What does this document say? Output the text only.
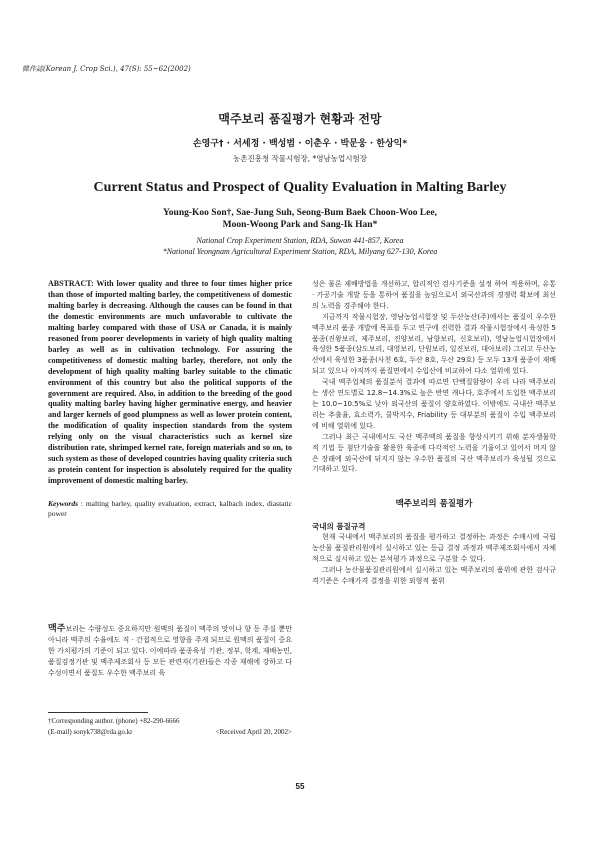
韓作誌(Korean J. Crop Sci.), 47(S): 55~62(2002)
맥주보리 품질평가 현황과 전망
손영구† · 서세정 · 백성범 · 이춘우 · 박문웅 · 한상익*
농촌진흥청 작물시험장, *영남농업시험장
Current Status and Prospect of Quality Evaluation in Malting Barley
Young-Koo Son†, Sae-Jung Suh, Seong-Bum Baek Choon-Woo Lee,
Moon-Woong Park and Sang-Ik Han*
National Crop Experiment Station, RDA, Suwon 441-857, Korea
*National Yeongnam Agricultural Experiment Station, RDA, Milyang 627-130, Korea

ABSTRACT: With lower quality and three to four times higher price than those of imported malting barley, the competitiveness of domestic malting barley is decreasing. Although the causes can be found in that the domestic environments are much unfavorable to cultivate the malting barley compared with those of USA or Canada, it is mainly reasoned from poorer developments in variety of high quality malting barley as well as in cultivation technology. For assuring the competitiveness of domestic malting barley, therefore, not only the development of high quality malting barley suitable to the climatic environment of this country but also the political supports of the government are required. Also, in addition to the breeding of the good quality malting barley having higher germinative energy, and heavier and larger kernels of good plumpness as well as lower protein content, the modification of quality inspection standards from the system relying only on the visual characteristics such as kernel size distribution rate, shrimped kernel rate, foreign materials and so on, to such system as those of developed countries having quality criteria such as protein content for inspection is absolutely required for the quality improvement of domestic malting barley.

Keywords : malting barley, quality evaluation, extract, kalbach index, diastatic power

맥주보리는 수량성도 중요하지만 원맥의 품질이 맥주의 맛이나 향 등 주실 뿐만 아니라 맥주의 수율에도 직 · 간접적으로 영향을 주게 되므로 원맥의 품질이 중요한 가치평가의 기준이 되고 있다. 이에따라 품종육성 기관, 정부, 학계, 재배농민, 품질검정기관 및 맥주제조회사 등 모든 관련자(기관)들은 각종 재해에 강하고 다수성이면서 품질도 우수한 맥주보리 육

†Corresponding author. (phone) +82-290-6666
(E-mail) sonyk738@rda.go.kr	<Received April 20, 2002>

성은 물론 제배방법을 개선하고, 합리적인 검사기준을 설정 하여 적용하며, 유통 · 가공기술 개발 등을 통하여 품질을 높임으로서 외국산과의 경쟁력 확보에 최선의 노력을 경주해야 한다.

지금까지 작물시험장, 영남농업시험장 및 두산농산(주)에서는 품질이 우수한 맥주보리 품종 개발에 목표를 두고 연구에 진력한 결과 작물시험장에서 육성한 5품종(진왕보리, 제주보리, 진양보리, 남향보리, 신호보리), 영남농업시험장에서 육성한 5품종(삼도보리, 대영보리, 단원보리, 일진보리, 대아보리) 그리고 두산농산에서 육성한 3품종(사천 6호, 두산 8호, 두산 29호) 등 모두 13개 품종이 재배되고 있으나 아직까지 품질면에서 수입산에 비교하여 다소 열위에 있다.

국내 맥주업체의 품질분석 결과에 따르면 단백질함량이 우리 나라 맥주보리는 생산 연도별로 12.8~14.3%로 높은 반면 캐나다, 호주에서 도입한 맥주보리는 10.0~10.5%로 낮아 외국산의 품질이 양호하였다. 이밖에도 국내산 맥주보리는 추출율, 효소력가, 쿨박지수, Friability 등 대부분의 품질이 수입 맥주보리에 비해 열위에 있다.

그러나 최근 국내에서도 국산 맥주맥의 품질을 향상시키기 위해 분자생물학적 기법 등 첨단기술을 활용한 육종에 다각적인 노력을 기울이고 있어서 머지 않은 장래에 외국산에 뒤지지 않는 우수한 품질의 국산 맥주보리가 육성될 것으로 기대하고 있다.

맥주보리의 품질평가

국내의 품질규격

현재 국내에서 맥주보리의 품질을 평가하고 결정하는 과정은 수매시에 국립농산물 품질관리원에서 실시하고 있는 등급 결정 과정과 맥주제조회사에서 자체적으로 실시하고 있는 분석평가 과정으로 구분할 수 있다.

그러나 농산물품질관리원에서 실시하고 있는 맥주보리의 품위에 관한 검사규격기준은 수매가격 결정을 위한 외형적 품위

55
